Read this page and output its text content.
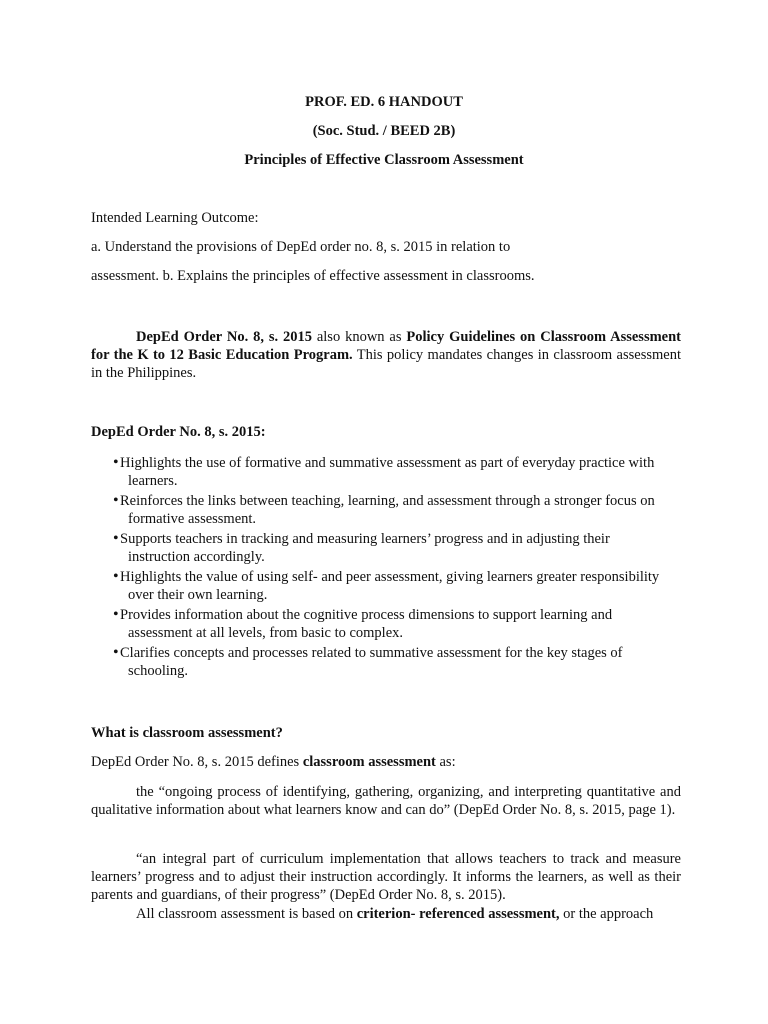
PROF. ED. 6 HANDOUT
(Soc. Stud. / BEED 2B)
Principles of Effective Classroom Assessment
Intended Learning Outcome:
a. Understand the provisions of DepEd order no. 8, s. 2015 in relation to
assessment. b. Explains the principles of effective assessment in classrooms.

DepEd Order No. 8, s. 2015 also known as Policy Guidelines on Classroom Assessment for the K to 12 Basic Education Program. This policy mandates changes in classroom assessment in the Philippines.

DepEd Order No. 8, s. 2015:
• Highlights the use of formative and summative assessment as part of everyday practice with learners.
• Reinforces the links between teaching, learning, and assessment through a stronger focus on formative assessment.
• Supports teachers in tracking and measuring learners’ progress and in adjusting their instruction accordingly.
• Highlights the value of using self- and peer assessment, giving learners greater responsibility over their own learning.
• Provides information about the cognitive process dimensions to support learning and assessment at all levels, from basic to complex.
• Clarifies concepts and processes related to summative assessment for the key stages of schooling.
What is classroom assessment?
DepEd Order No. 8, s. 2015 defines classroom assessment as:

the “ongoing process of identifying, gathering, organizing, and interpreting quantitative and qualitative information about what learners know and can do” (DepEd Order No. 8, s. 2015, page 1).

“an integral part of curriculum implementation that allows teachers to track and measure learners’ progress and to adjust their instruction accordingly. It informs the learners, as well as their parents and guardians, of their progress” (DepEd Order No. 8, s. 2015).

All classroom assessment is based on criterion- referenced assessment, or the approach
